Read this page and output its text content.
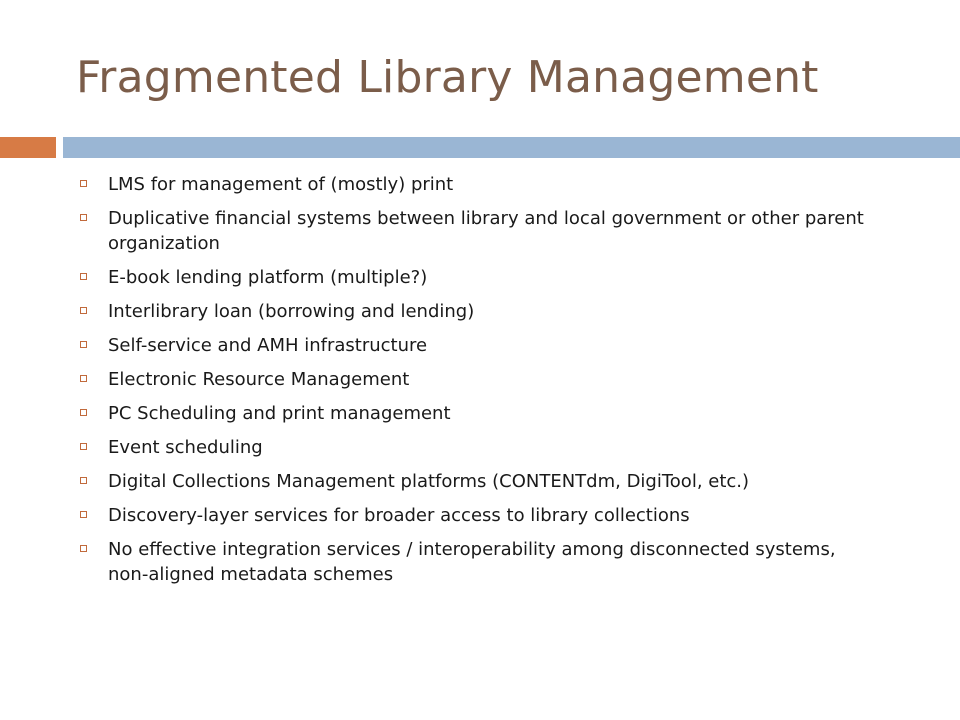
Fragmented Library Management
LMS for management of (mostly) print
Duplicative financial systems between library and local government or other parent organization
E-book lending platform (multiple?)
Interlibrary loan (borrowing and lending)
Self-service and AMH infrastructure
Electronic Resource Management
PC Scheduling and print management
Event scheduling
Digital Collections Management platforms (CONTENTdm, DigiTool, etc.)
Discovery-layer services for broader access to library collections
No effective integration services / interoperability among disconnected systems, non-aligned metadata schemes
